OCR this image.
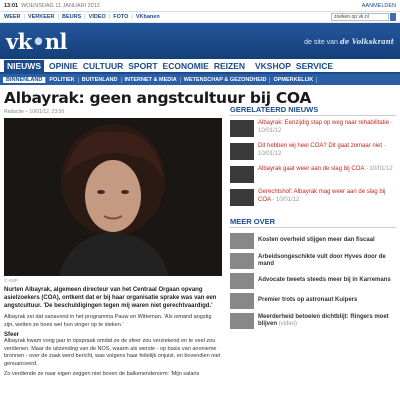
13:01 WOENSDAG 11 JANUARI 2012	AANMELDEN
WEER | VERKEER | BEURS | VIDEO | FOTO | VKbanen	zoeken op vk.nl
vk•nl	de site van de Volkskrant
NIEUWS OPINIE CULTUUR SPORT ECONOMIE REIZEN VKSHOP SERVICE
BINNENLAND	POLITIEK	BUITENLAND	INTERNET & MEDIA	WETENSCHAP & GEZONDHEID	OPMERKELIJK
Albayrak: geen angstcultuur bij COA
Redactie − 10/01/12, 23:50
© ANP
Nurten Albayrak, algemeen directeur van het Centraal Orgaan opvang asielzoekers (COA), ontkent dat er bij haar organisatie sprake was van een angstcultuur. 'De beschuldigingen tegen mij waren niet gerechtvaardigd.'
Albayrak zei dat vanavond in het programma Pauw en Witteman. 'Als iemand angstig zijn, wetten ze hoes wel hun vinger op te steken.'
Sfeer
Albayrak kwam vorig jaar in opspraak omdat ze de sfeer zou verziekend en te veel zou verdienen. Maar de uitzending van de NOS, waarin als werste - op basis van anonieme bronnen - over de zaak werd bericht, was volgens haar feitelijk onjuist, en bovendien niet genuanceerd.
Zo verdiende ze naar eigen zeggen niet boven de balkenendenorm: 'Mijn salaris
GERELATEERD NIEUWS
Albayrak: Eenzijdig stap op weg naar rehabilitatie - 10/01/12
Dit hebben wij heel COA? Dit gaat zomaar niet - 10/01/12
Albayrak gaat weer aan de slag bij COA - 10/01/12
Gerechtshof: Albayrak mag weer aan de slag bij COA - 10/01/12
MEER OVER
Kosten overheid stijgen meer dan fiscaal
Arbeidsongeschikte vult door Hyves door de mand
Advocate tweets steeds meer bij in Karremans
Premier trots op astronaut Kuipers
Meerderheid betoelen dichtblijt: Ringers moet blijven (video)
